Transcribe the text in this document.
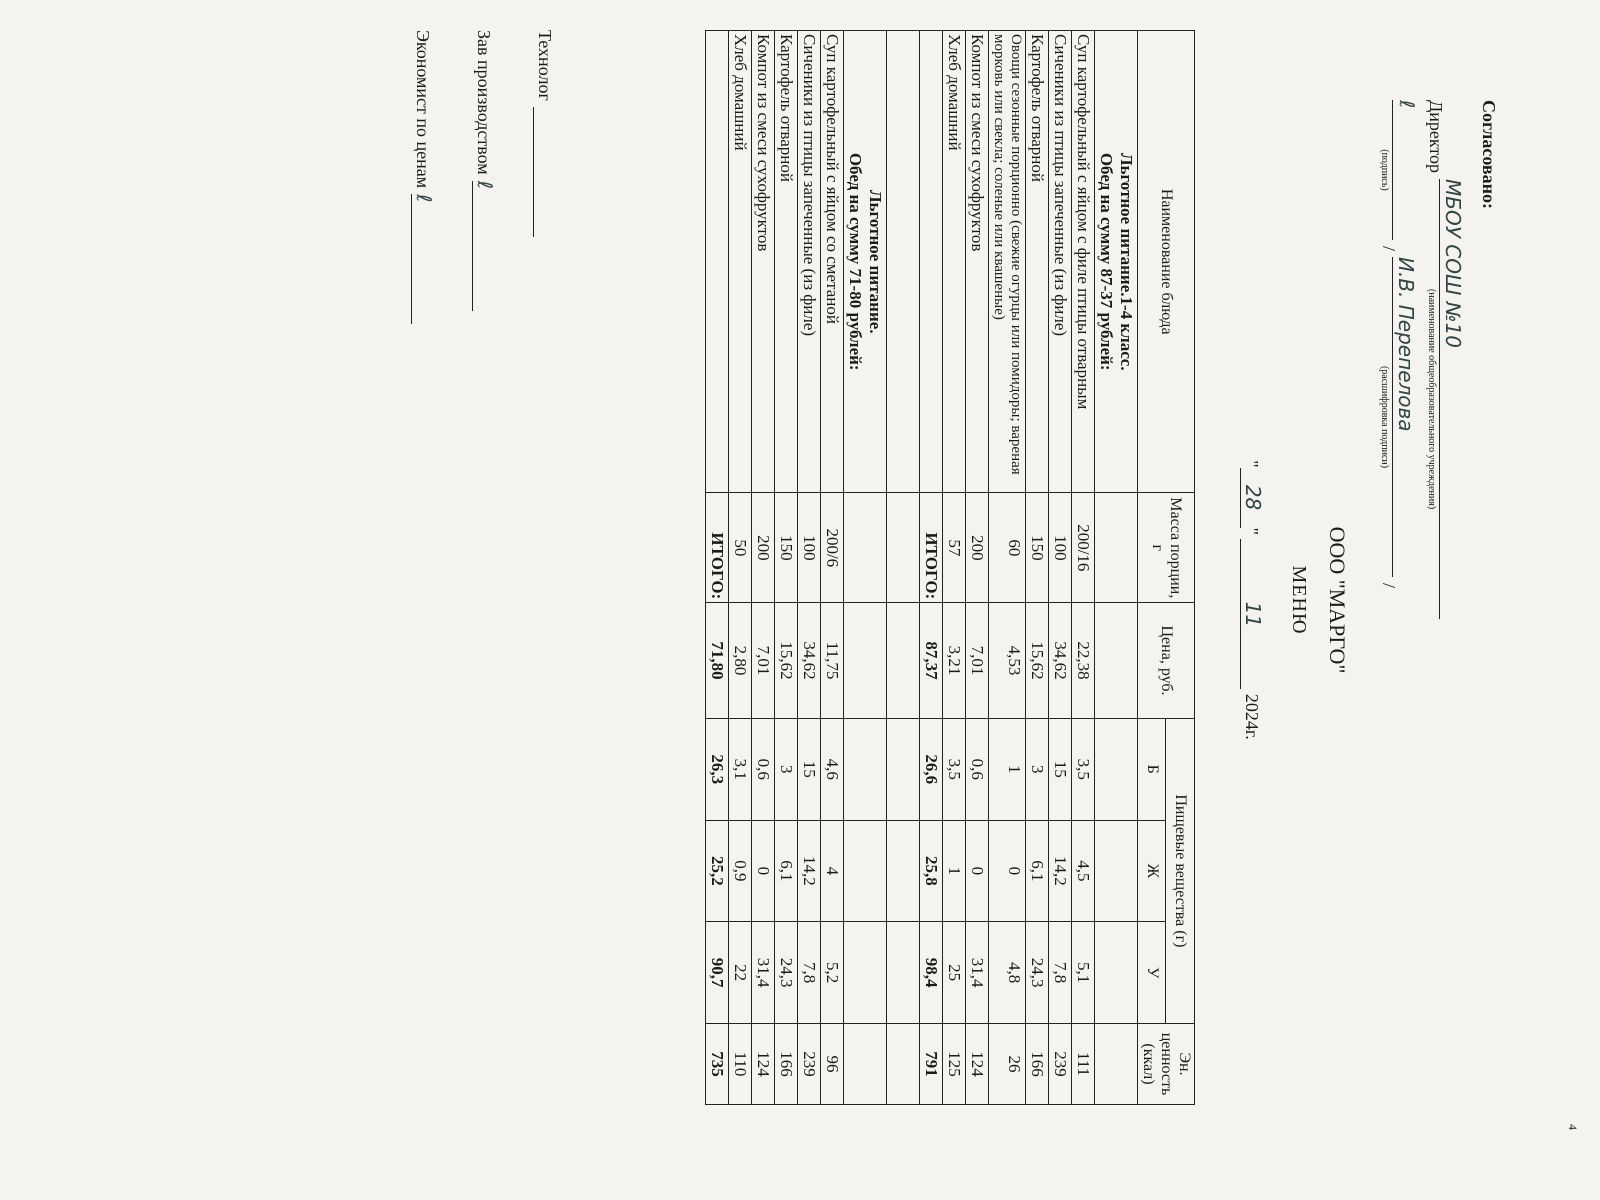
4
Согласовано:
Директор
МБОУ СОШ №10
(наименование общеобразовательного учреждения)
ℓ
(подпись)
/
И.В. Перепелова
(расшифровка подписи)
/
ООО "МАРГО"
МЕНЮ
"28" 11 2024г.
Наименование блюда	Масса порции, г	Цена, руб.	Пищевые вещества (г)			Эн. ценность (ккал)
			Б	Ж	У	

Льготное питание.1-4 класс.
Обед на сумму 87-37 рублей:						

Суп картофельный с яйцом с филе птицы отварным	200/16	22,38	3,5	4,5	5,1	111
Сичeники из птицы запеченные (из филе)	100	34,62	15	14,2	7,8	239
Картофель отварной	150	15,62	3	6,1	24,3	166
Овощи сезонные порционно (свежие огурцы или помидоры; вареная морковь или свекла; соленые или квашеные)	60	4,53	1	0	4,8	26
Компот из смеси сухофруктов	200	7,01	0,6	0	31,4	124
Хлеб домашний	57	3,21	3,5	1	25	125
	ИТОГО:	87,37	26,6	25,8	98,4	791

Льготное питание.
Обед на сумму 71-80 рублей:						

Суп картофельный с яйцом со сметаной	200/6	11,75	4,6	4	5,2	96
Сичeники из птицы запеченные (из филе)	100	34,62	15	14,2	7,8	239
Картофель отварной	150	15,62	3	6,1	24,3	166
Компот из смеси сухофруктов	200	7,01	0,6	0	31,4	124
Хлеб домашний	50	2,80	3,1	0,9	22	110
	ИТОГО:	71,80	26,3	25,2	90,7	735
Технолог
Зав производством
ℓ
Экономист по ценам
ℓ
